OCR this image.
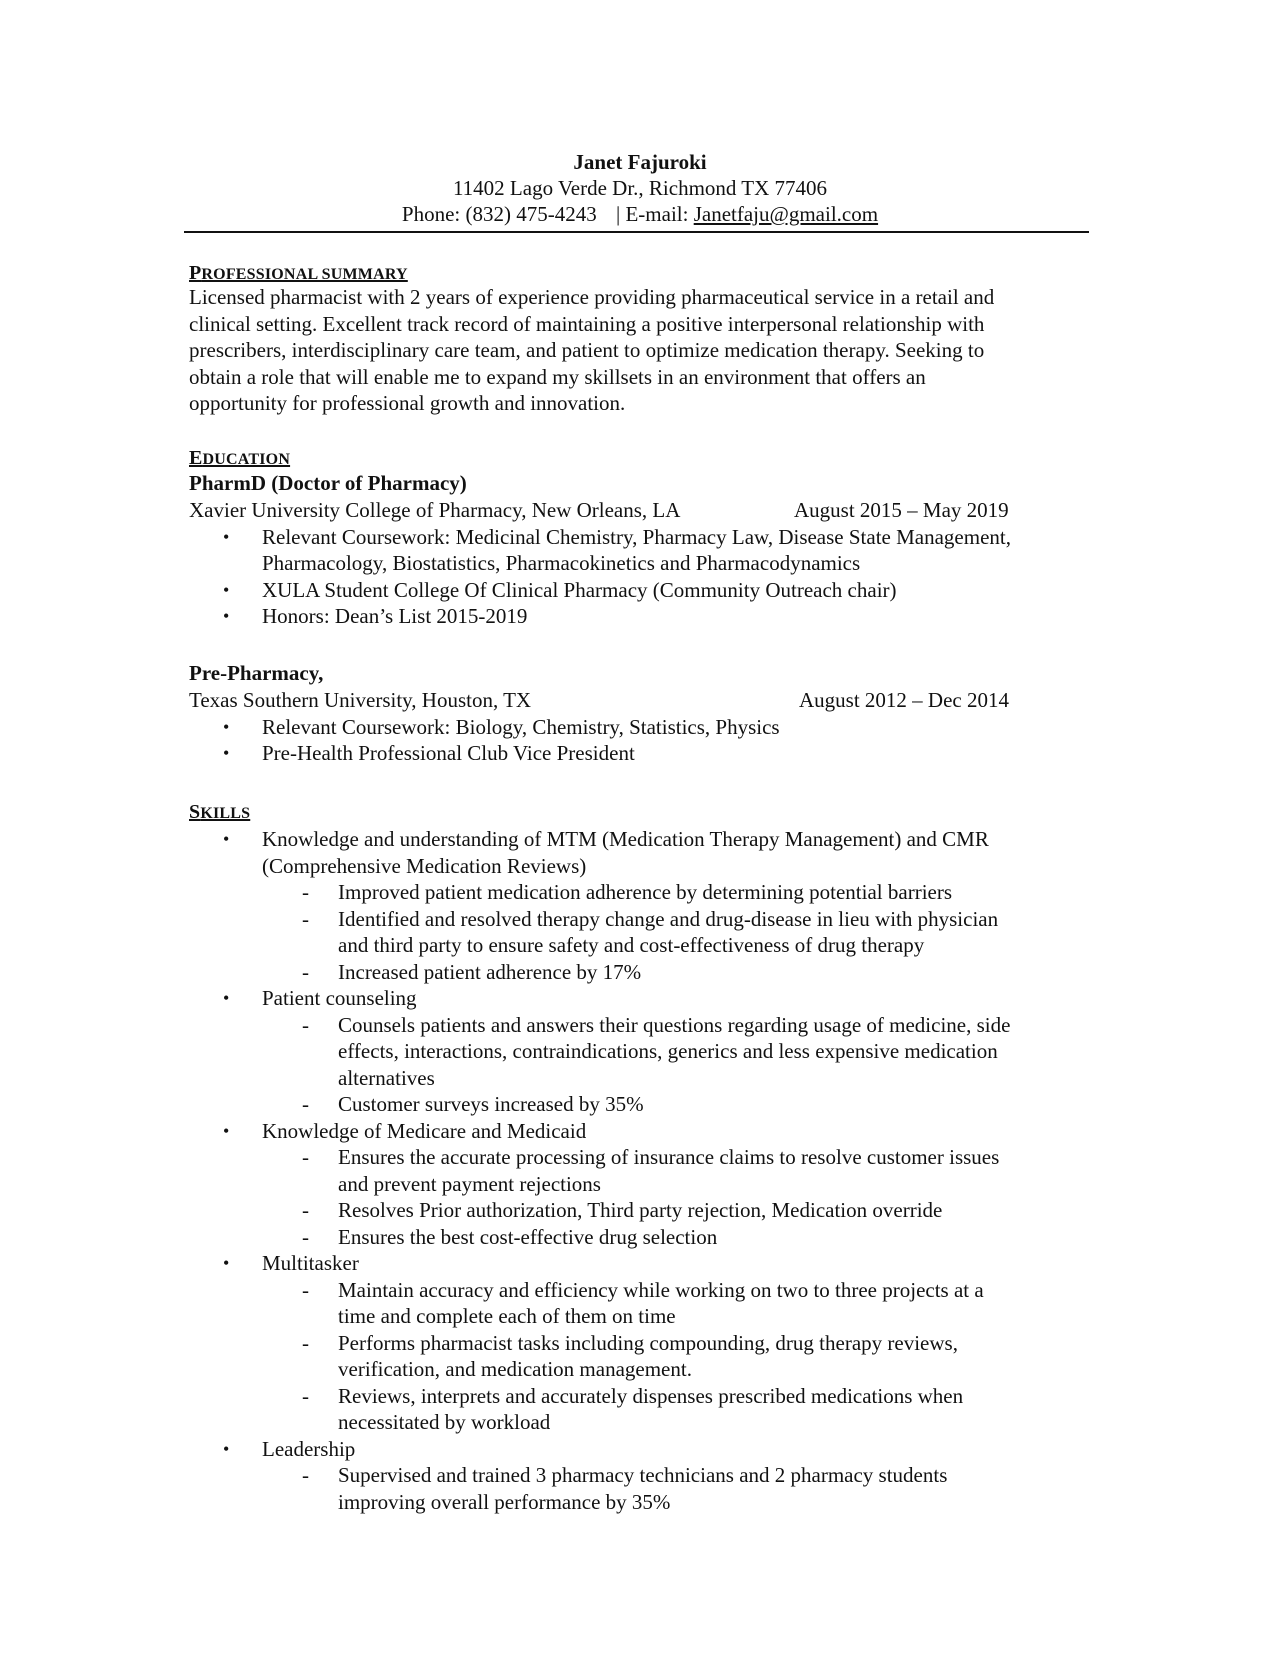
Janet Fajuroki
11402 Lago Verde Dr., Richmond TX 77406
Phone: (832) 475-4243 | E-mail: Janetfaju@gmail.com
PROFESSIONAL SUMMARY
Licensed pharmacist with 2 years of experience providing pharmaceutical service in a retail and
clinical setting. Excellent track record of maintaining a positive interpersonal relationship with
prescribers, interdisciplinary care team, and patient to optimize medication therapy. Seeking to
obtain a role that will enable me to expand my skillsets in an environment that offers an
opportunity for professional growth and innovation.
EDUCATION
PharmD (Doctor of Pharmacy)
Xavier University College of Pharmacy, New Orleans, LA	August 2015 – May 2019
• Relevant Coursework: Medicinal Chemistry, Pharmacy Law, Disease State Management,
Pharmacology, Biostatistics, Pharmacokinetics and Pharmacodynamics
• XULA Student College Of Clinical Pharmacy (Community Outreach chair)
• Honors: Dean’s List 2015-2019
Pre-Pharmacy,
Texas Southern University, Houston, TX	August 2012 – Dec 2014
• Relevant Coursework: Biology, Chemistry, Statistics, Physics
• Pre-Health Professional Club Vice President
SKILLS
• Knowledge and understanding of MTM (Medication Therapy Management) and CMR
(Comprehensive Medication Reviews)
- Improved patient medication adherence by determining potential barriers
- Identified and resolved therapy change and drug-disease in lieu with physician
and third party to ensure safety and cost-effectiveness of drug therapy
- Increased patient adherence by 17%
• Patient counseling
- Counsels patients and answers their questions regarding usage of medicine, side
effects, interactions, contraindications, generics and less expensive medication
alternatives
- Customer surveys increased by 35%
• Knowledge of Medicare and Medicaid
- Ensures the accurate processing of insurance claims to resolve customer issues
and prevent payment rejections
- Resolves Prior authorization, Third party rejection, Medication override
- Ensures the best cost-effective drug selection
• Multitasker
- Maintain accuracy and efficiency while working on two to three projects at a
time and complete each of them on time
- Performs pharmacist tasks including compounding, drug therapy reviews,
verification, and medication management.
- Reviews, interprets and accurately dispenses prescribed medications when
necessitated by workload
• Leadership
- Supervised and trained 3 pharmacy technicians and 2 pharmacy students
improving overall performance by 35%
